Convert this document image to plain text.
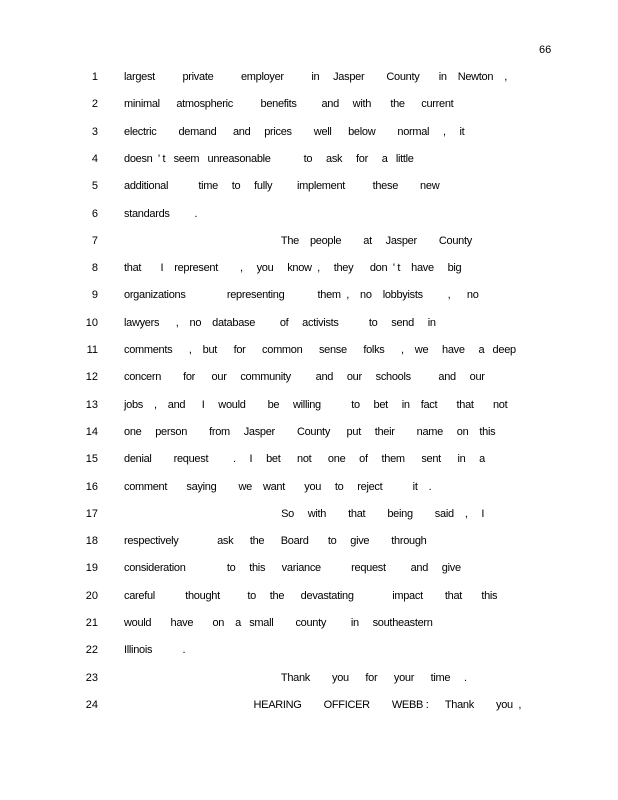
66
1 largest          private          employer          in     Jasper        County       in    Newton    ,
2 minimal      atmospheric          benefits         and     with       the      current
3 electric        demand      and     prices        well      below        normal     ,     it
4 doesn  ' t   seem   unreasonable            to     ask     for     a   little
5 additional           time     to     fully         implement          these        new
6 standards         .
7 The    people        at     Jasper        County
8 that       I    represent        ,     you     know  ,     they      don  ' t    have     big
9 organizations               representing            them  ,    no    lobbyists         ,      no
10 lawyers      ,    no    database         of     activists           to     send     in
11 comments      ,    but      for      common      sense      folks      ,    we     have     a   deep
12 concern        for      our     community         and     our     schools          and     our
13 jobs    ,    and      I     would        be     willing           to     bet     in    fact       that       not
14 one     person        from     Jasper        County      put     their        name     on    this
15 denial        request         .     I     bet      not      one     of     them      sent      in     a
16 comment       saying        we    want       you     to     reject           it    .
17 So     with        that        being        said    ,     I
18 respectively              ask      the      Board       to     give        through
19 consideration               to     this      variance           request         and     give
20 careful           thought          to     the      devastating              impact        that       this
21 would       have       on    a   small        county         in     southeastern
22 Illinois           .
23 Thank        you      for      your      time     .
24 HEARING        OFFICER        WEBB :      Thank        you  ,
